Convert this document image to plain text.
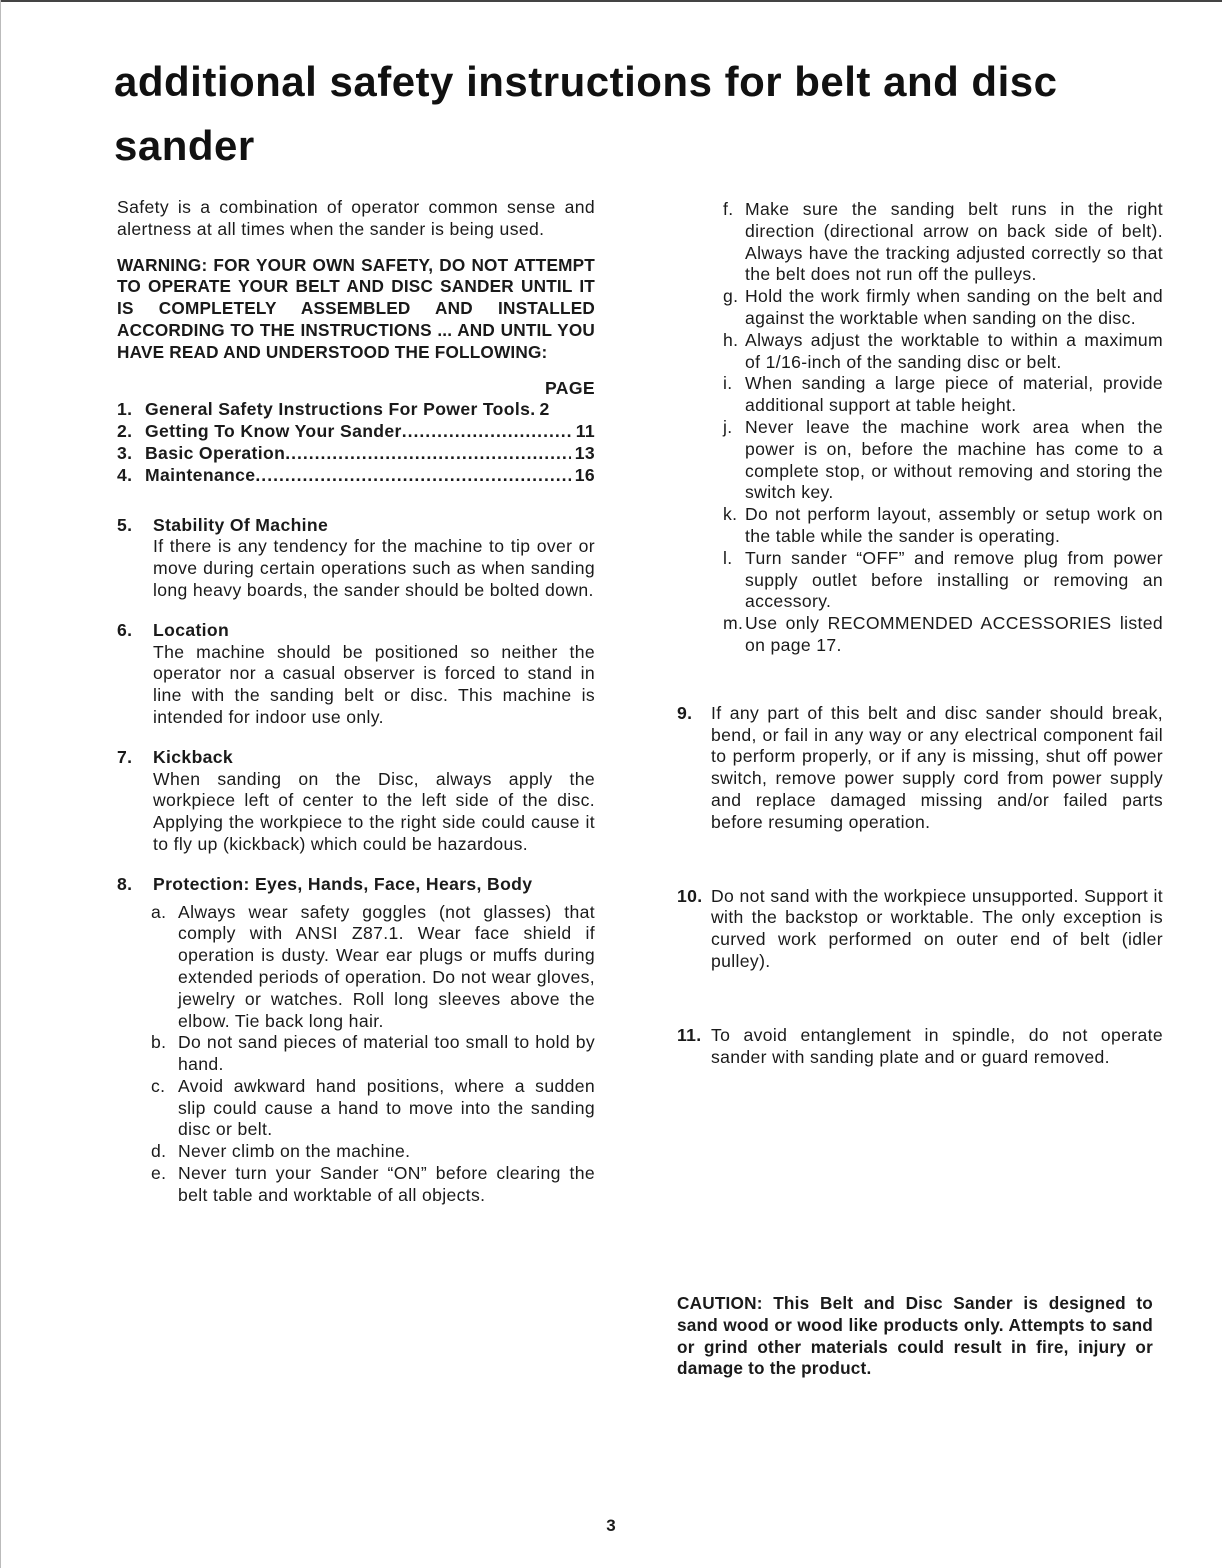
additional safety instructions for belt and disc sander

Safety is a combination of operator common sense and alertness at all times when the sander is being used.

WARNING: FOR YOUR OWN SAFETY, DO NOT ATTEMPT TO OPERATE YOUR BELT AND DISC SANDER UNTIL IT IS COMPLETELY ASSEMBLED AND INSTALLED ACCORDING TO THE INSTRUCTIONS ... AND UNTIL YOU HAVE READ AND UNDERSTOOD THE FOLLOWING:

PAGE
1. General Safety Instructions For Power Tools. 2
2. Getting To Know Your Sander .....	11
3. Basic Operation .....	13
4. Maintenance .....	16
5.	Stability Of Machine

If there is any tendency for the machine to tip over or move during certain operations such as when sanding long heavy boards, the sander should be bolted down.

6.	Location

The machine should be positioned so neither the operator nor a casual observer is forced to stand in line with the sanding belt or disc. This machine is intended for indoor use only.

7.	Kickback

When sanding on the Disc, always apply the workpiece left of center to the left side of the disc. Applying the workpiece to the right side could cause it to fly up (kickback) which could be hazardous.

8.	Protection: Eyes, Hands, Face, Hears, Body
a. Always wear safety goggles (not glasses) that comply with ANSI Z87.1. Wear face shield if operation is dusty. Wear ear plugs or muffs during extended periods of operation. Do not wear gloves, jewelry or watches. Roll long sleeves above the elbow. Tie back long hair.
b. Do not sand pieces of material too small to hold by hand.
c. Avoid awkward hand positions, where a sudden slip could cause a hand to move into the sanding disc or belt.
d. Never climb on the machine.
e. Never turn your Sander “ON” before clearing the belt table and worktable of all objects.
f. Make sure the sanding belt runs in the right direction (directional arrow on back side of belt). Always have the tracking adjusted correctly so that the belt does not run off the pulleys.
g. Hold the work firmly when sanding on the belt and against the worktable when sanding on the disc.
h. Always adjust the worktable to within a maximum of 1/16-inch of the sanding disc or belt.
i. When sanding a large piece of material, provide additional support at table height.
j. Never leave the machine work area when the power is on, before the machine has come to a complete stop, or without removing and storing the switch key.
k. Do not perform layout, assembly or setup work on the table while the sander is operating.
l. Turn sander “OFF” and remove plug from power supply outlet before installing or removing an accessory.
m. Use only RECOMMENDED ACCESSORIES listed on page 17.
9.	If any part of this belt and disc sander should break, bend, or fail in any way or any electrical component fail to perform properly, or if any is missing, shut off power switch, remove power supply cord from power supply and replace damaged missing and/or failed parts before resuming operation.
10. Do not sand with the workpiece unsupported. Support it with the backstop or worktable. The only exception is curved work performed on outer end of belt (idler pulley).
11. To avoid entanglement in spindle, do not operate sander with sanding plate and or guard removed.

CAUTION: This Belt and Disc Sander is designed to sand wood or wood like products only. Attempts to sand or grind other materials could result in fire, injury or damage to the product.

3
